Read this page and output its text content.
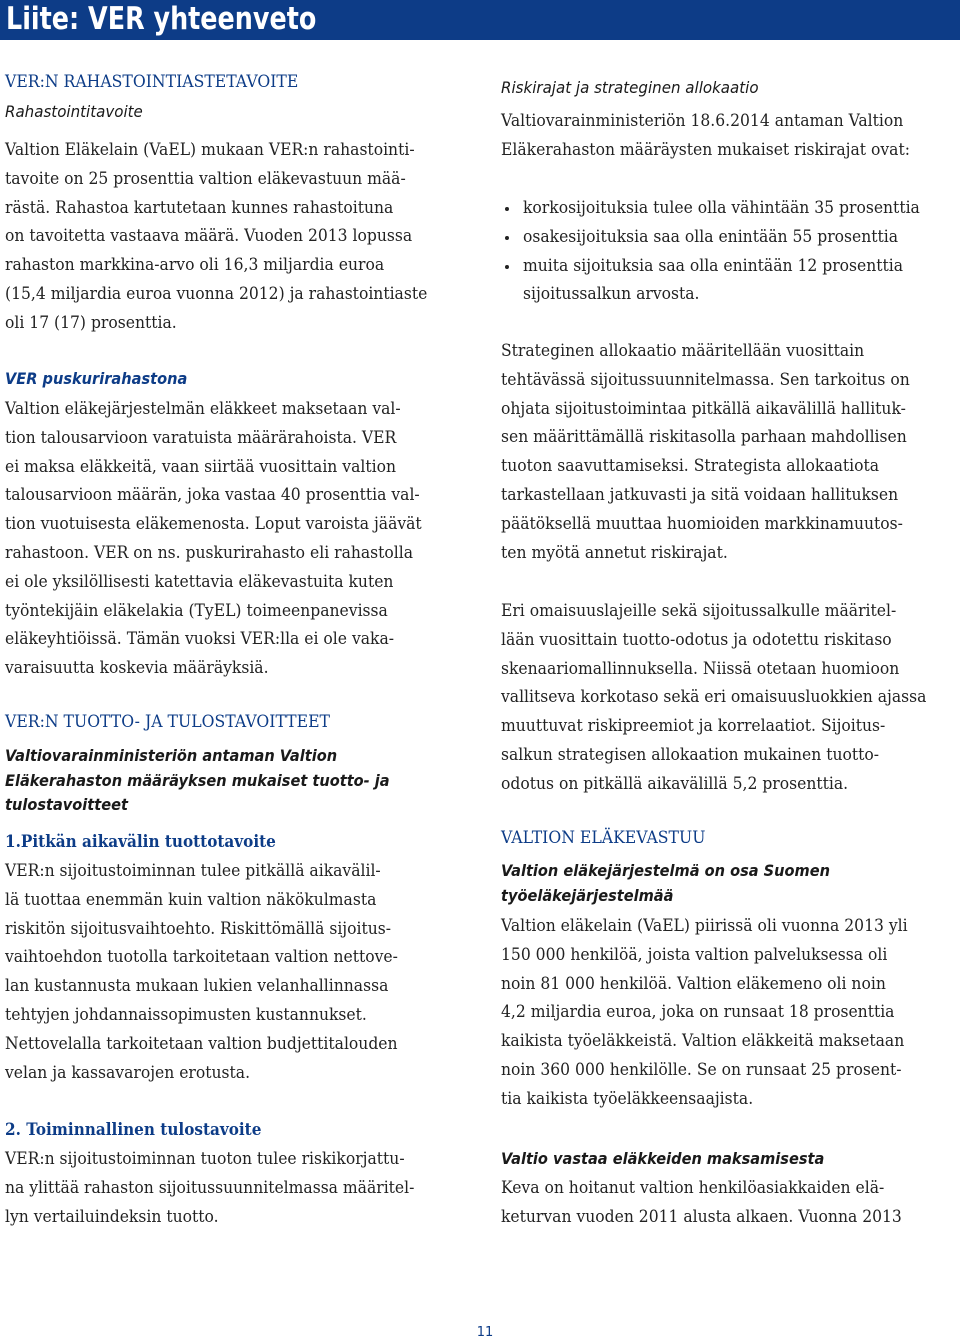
Liite: VER yhteenveto
VER:N RAHASTOINTIASTETAVOITE
Rahastointitavoite
Valtion Eläkelain (VaEL) mukaan VER:n rahastointi-
tavoite on 25 prosenttia valtion eläkevastuun mää-
rästä. Rahastoa kartutetaan kunnes rahastoituna
on tavoitetta vastaava määrä. Vuoden 2013 lopussa
rahaston markkina-arvo oli 16,3 miljardia euroa
(15,4 miljardia euroa vuonna 2012) ja rahastointiaste
oli 17 (17) prosenttia.
VER puskurirahastona
Valtion eläkejärjestelmän eläkkeet maksetaan val-
tion talousarvioon varatuista määrärahoista. VER
ei maksa eläkkeitä, vaan siirtää vuosittain valtion
talousarvioon määrän, joka vastaa 40 prosenttia val-
tion vuotuisesta eläkemenosta. Loput varoista jäävät
rahastoon. VER on ns. puskurirahasto eli rahastolla
ei ole yksilöllisesti katettavia eläkevastuita kuten
työntekijäin eläkelakia (TyEL) toimeenpanevissa
eläkeyhtiöissä. Tämän vuoksi VER:lla ei ole vaka-
varaisuutta koskevia määräyksiä.
VER:N TUOTTO- JA TULOSTAVOITTEET
Valtiovarainministeriön antaman Valtion
Eläkerahaston määräyksen mukaiset tuotto- ja
tulostavoitteet
1.Pitkän aikavälin tuottotavoite
VER:n sijoitustoiminnan tulee pitkällä aikavälil-
lä tuottaa enemmän kuin valtion näkökulmasta
riskitön sijoitusvaihtoehto. Riskittömällä sijoitus-
vaihtoehdon tuotolla tarkoitetaan valtion nettove-
lan kustannusta mukaan lukien velanhallinnassa
tehtyjen johdannaissopimusten kustannukset.
Nettovelalla tarkoitetaan valtion budjettitalouden
velan ja kassavarojen erotusta.
2. Toiminnallinen tulostavoite
VER:n sijoitustoiminnan tuoton tulee riskikorjattu-
na ylittää rahaston sijoitussuunnitelmassa määritel-
lyn vertailuindeksin tuotto.
Riskirajat ja strateginen allokaatio
Valtiovarainministeriön 18.6.2014 antaman Valtion
Eläkerahaston määräysten mukaiset riskirajat ovat:
korkosijoituksia tulee olla vähintään 35 prosenttia
osakesijoituksia saa olla enintään 55 prosenttia
muita sijoituksia saa olla enintään 12 prosenttia
sijoitussalkun arvosta.
Strateginen allokaatio määritellään vuosittain
tehtävässä sijoitussuunnitelmassa. Sen tarkoitus on
ohjata sijoitustoimintaa pitkällä aikavälillä hallituk-
sen määrittämällä riskitasolla parhaan mahdollisen
tuoton saavuttamiseksi. Strategista allokaatiota
tarkastellaan jatkuvasti ja sitä voidaan hallituksen
päätöksellä muuttaa huomioiden markkinamuutos-
ten myötä annetut riskirajat.
Eri omaisuuslajeille sekä sijoitussalkulle määritel-
lään vuosittain tuotto-odotus ja odotettu riskitaso
skenaariomallinnuksella. Niissä otetaan huomioon
vallitseva korkotaso sekä eri omaisuusluokkien ajassa
muuttuvat riskipreemiot ja korrelaatiot. Sijoitus-
salkun strategisen allokaation mukainen tuotto-
odotus on pitkällä aikavälillä 5,2 prosenttia.
VALTION ELÄKEVASTUU
Valtion eläkejärjestelmä on osa Suomen
työeläkejärjestelmää
Valtion eläkelain (VaEL) piirissä oli vuonna 2013 yli
150 000 henkilöä, joista valtion palveluksessa oli
noin 81 000 henkilöä. Valtion eläkemeno oli noin
4,2 miljardia euroa, joka on runsaat 18 prosenttia
kaikista työeläkkeistä. Valtion eläkkeitä maksetaan
noin 360 000 henkilölle. Se on runsaat 25 prosent-
tia kaikista työeläkkeensaajista.
Valtio vastaa eläkkeiden maksamisesta
Keva on hoitanut valtion henkilöasiakkaiden elä-
keturvan vuoden 2011 alusta alkaen. Vuonna 2013
11
